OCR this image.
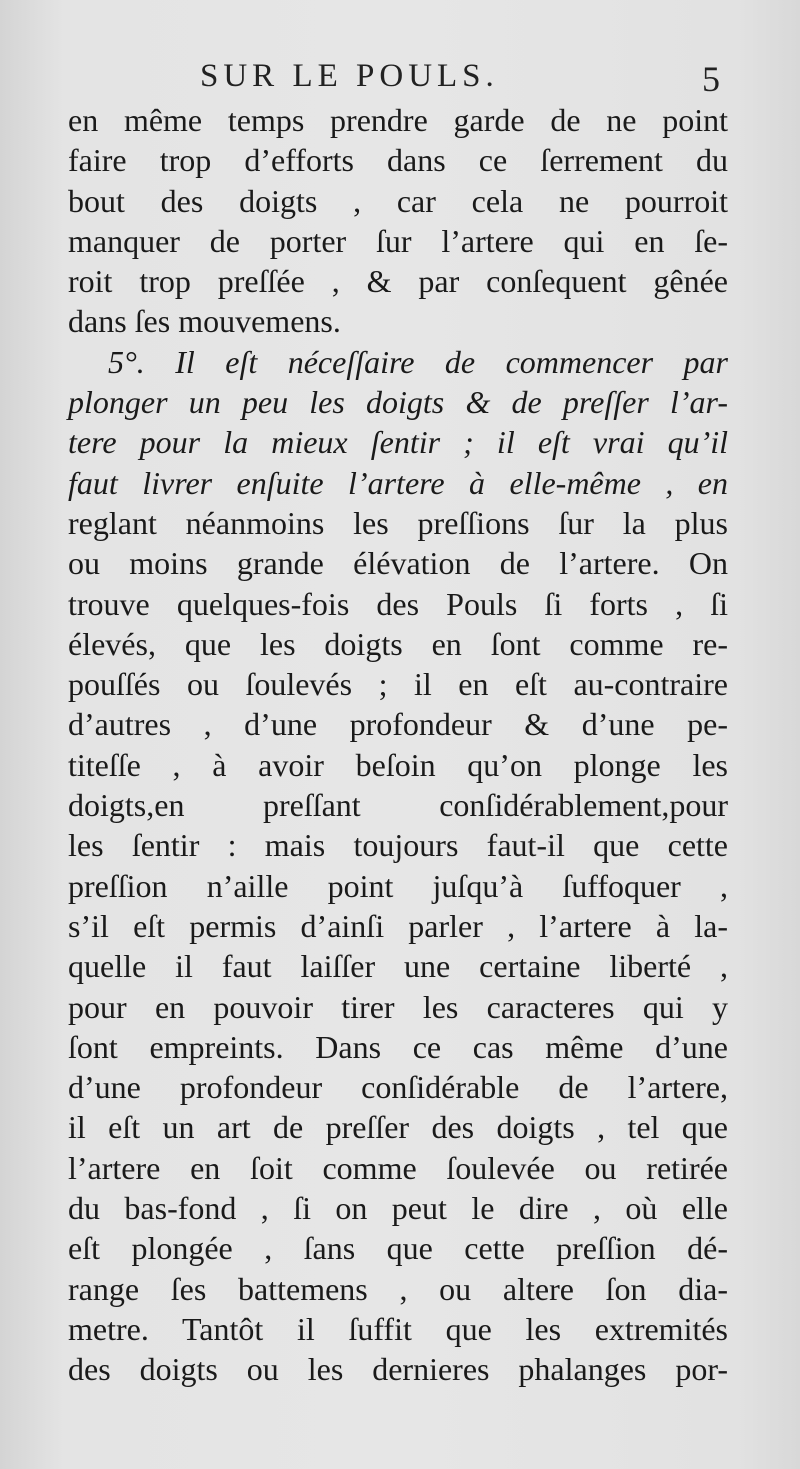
SUR LE POULS.	5
en même temps prendre garde de ne point
faire trop d’efforts dans ce ſerrement du
bout des doigts , car cela ne pourroit
manquer de porter ſur l’artere qui en ſe-
roit trop preſſée , & par conſequent gênée
dans ſes mouvemens.
5°. Il eſt néceſſaire de commencer par
plonger un peu les doigts & de preſſer l’ar-
tere pour la mieux ſentir ; il eſt vrai qu’il
faut livrer enſuite l’artere à elle-même , en
reglant néanmoins les preſſions ſur la plus
ou moins grande élévation de l’artere. On
trouve quelques-fois des Pouls ſi forts , ſi
élevés, que les doigts en ſont comme re-
pouſſés ou ſoulevés ; il en eſt au-contraire
d’autres , d’une profondeur & d’une pe-
titeſſe , à avoir beſoin qu’on plonge les
doigts,en preſſant conſidérablement,pour
les ſentir : mais toujours faut-il que cette
preſſion n’aille point juſqu’à ſuffoquer ,
s’il eſt permis d’ainſi parler , l’artere à la-
quelle il faut laiſſer une certaine liberté ,
pour en pouvoir tirer les caracteres qui y
ſont empreints. Dans ce cas même d’une
d’une profondeur conſidérable de l’artere,
il eſt un art de preſſer des doigts , tel que
l’artere en ſoit comme ſoulevée ou retirée
du bas-fond , ſi on peut le dire , où elle
eſt plongée , ſans que cette preſſion dé-
range ſes battemens , ou altere ſon dia-
metre. Tantôt il ſuffit que les extremités
des doigts ou les dernieres phalanges por-
